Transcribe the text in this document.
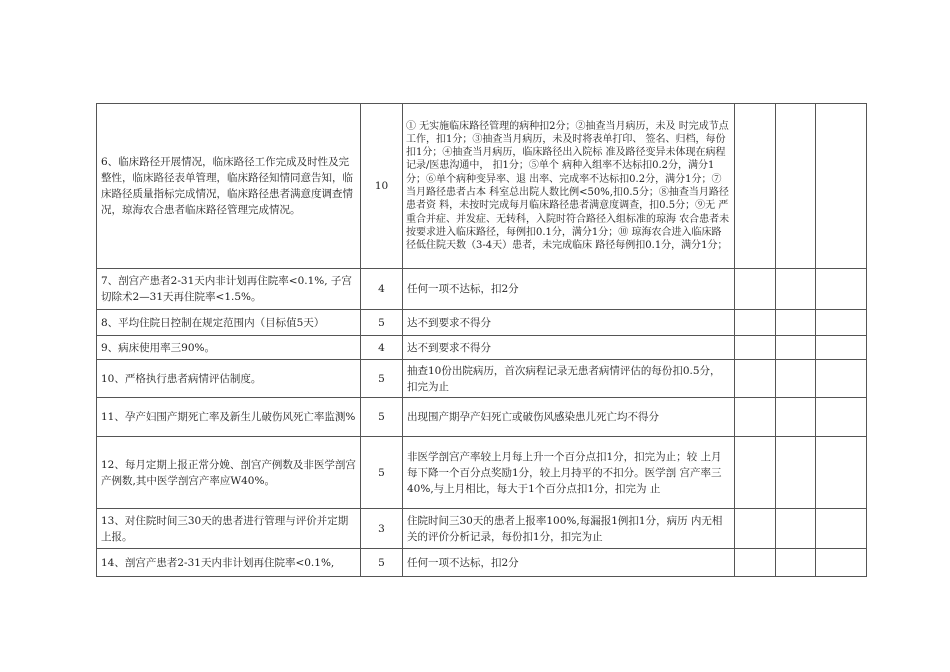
6、临床路径开展情况，临床路径工作完成及时性及完整性，临床路径表单管理，临床路径知情同意告知，临床路径质量指标完成情况，临床路径患者满意度调查情况，琼海农合患者临床路径管理完成情况。	10	① 无实施临床路径管理的病种扣2分；②抽查当月病历，未及 时完成节点工作，扣1分；③抽查当月病历，未及时将表单打印、 签名、归档，每份扣1分；④抽查当月病历，临床路径出入院标 准及路径变异未体现在病程记录/医患沟通中， 扣1分；⑤单个 病种入组率不达标扣0.2分，满分1分；⑥单个病种变异率、退 出率、完成率不达标扣0.2分，满分1分；⑦当月路径患者占本 科室总出院人数比例<50%,扣0.5分；⑧抽查当月路径患者资 料，未按时完成每月临床路径患者满意度调查，扣0.5分；⑨无 严重合并症、并发症、无转科，入院时符合路径入组标准的琼海 农合患者未按要求进入临床路径，每例扣0.1分，满分1分；⑩ 琼海农合进入临床路径低住院天数（3-4天）患者，未完成临床 路径每例扣0.1分，满分1分；			
7、剖宫产患者2-31天内非计划再住院率<0.1%, 子宫切除术2—31天再住院率<1.5%。	4	任何一项不达标，扣2分			
8、平均住院日控制在规定范围内（目标值5天）	5	达不到要求不得分			
9、病床使用率三90%。	4	达不到要求不得分			
10、严格执行患者病情评估制度。	5	抽查10份出院病历，首次病程记录无患者病情评估的每份扣0.5分，扣完为止			
11、孕产妇围产期死亡率及新生儿破伤风死亡率监测%	5	出现围产期孕产妇死亡或破伤风感染患儿死亡均不得分			
12、每月定期上报正常分娩、剖宫产例数及非医学剖宫产例数,其中医学剖宫产率应W40%。	5	非医学剖宫产率较上月每上升一个百分点扣1分，扣完为止；较 上月每下降一个百分点奖励1分，较上月持平的不扣分。医学剖 宫产率三40%,与上月相比，每大于1个百分点扣1分，扣完为 止			
13、对住院时间三30天的患者进行管理与评价并定期上报。	3	住院时间三30天的患者上报率100%,每漏报1例扣1分，病历 内无相关的评价分析记录，每份扣1分，扣完为止			
14、剖宫产患者2-31天内非计划再住院率<0.1%,	5	任何一项不达标，扣2分			
